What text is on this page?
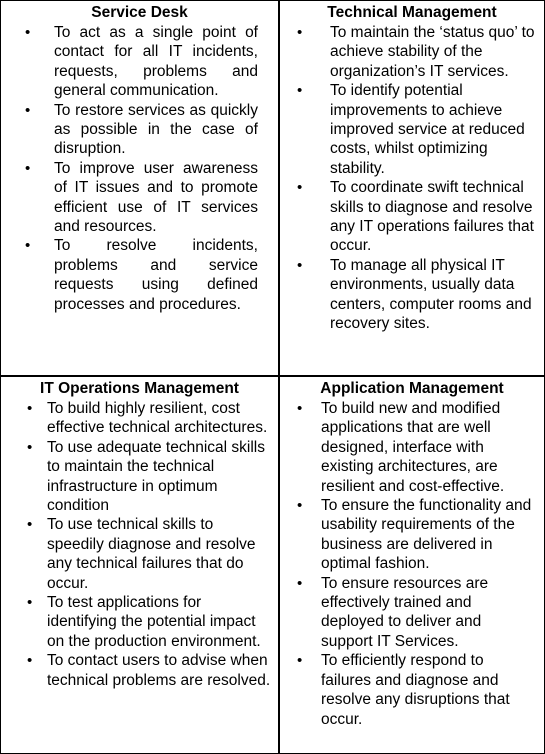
Service Desk
• To act as a single point of contact for all IT incidents, requests, problems and general communication.
• To restore services as quickly as possible in the case of disruption.
• To improve user awareness of IT issues and to promote efficient use of IT services and resources.
• To resolve incidents, problems and service requests using defined processes and procedures.
Technical Management
• To maintain the ‘status quo’ to achieve stability of the organization’s IT services.
• To identify potential improvements to achieve improved service at reduced costs, whilst optimizing stability.
• To coordinate swift technical skills to diagnose and resolve any IT operations failures that occur.
• To manage all physical IT environments, usually data centers, computer rooms and recovery sites.
IT Operations Management
• To build highly resilient, cost effective technical architectures.
• To use adequate technical skills to maintain the technical infrastructure in optimum condition
• To use technical skills to speedily diagnose and resolve any technical failures that do occur.
• To test applications for identifying the potential impact on the production environment.
• To contact users to advise when technical problems are resolved.
Application Management
• To build new and modified applications that are well designed, interface with existing architectures, are resilient and cost-effective.
• To ensure the functionality and usability requirements of the business are delivered in optimal fashion.
• To ensure resources are effectively trained and deployed to deliver and support IT Services.
• To efficiently respond to failures and diagnose and resolve any disruptions that occur.
